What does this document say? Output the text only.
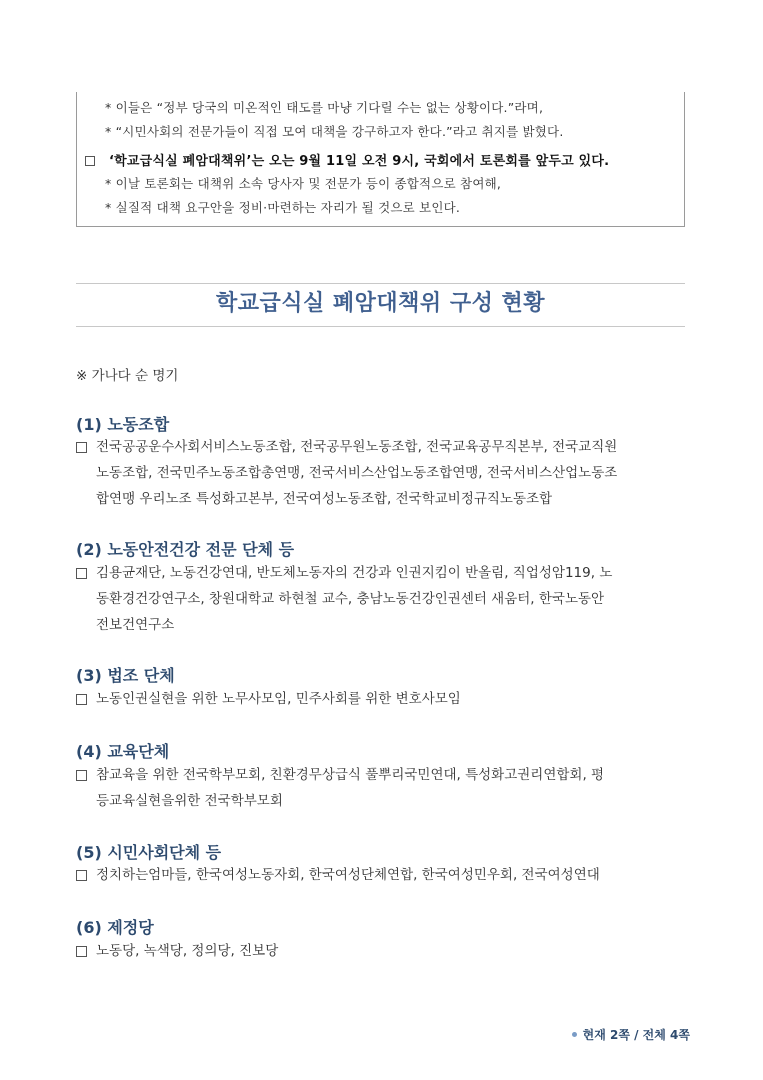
* 이들은 “정부 당국의 미온적인 태도를 마냥 기다릴 수는 없는 상황이다.”라며,
* “시민사회의 전문가들이 직접 모여 대책을 강구하고자 한다.”라고 취지를 밝혔다.
‘학교급식실 폐암대책위’는 오는 9월 11일 오전 9시, 국회에서 토론회를 앞두고 있다.
* 이날 토론회는 대책위 소속 당사자 및 전문가 등이 종합적으로 참여해,
* 실질적 대책 요구안을 정비·마련하는 자리가 될 것으로 보인다.
학교급식실 폐암대책위 구성 현황
※ 가나다 순 명기
(1) 노동조합
전국공공운수사회서비스노동조합, 전국공무원노동조합, 전국교육공무직본부, 전국교직원
노동조합, 전국민주노동조합총연맹, 전국서비스산업노동조합연맹, 전국서비스산업노동조
합연맹 우리노조 특성화고본부, 전국여성노동조합, 전국학교비정규직노동조합
(2) 노동안전건강 전문 단체 등
김용균재단, 노동건강연대, 반도체노동자의 건강과 인권지킴이 반올림, 직업성암119, 노
동환경건강연구소, 창원대학교 하현철 교수, 충남노동건강인권센터 새움터, 한국노동안
전보건연구소
(3) 법조 단체
노동인권실현을 위한 노무사모임, 민주사회를 위한 변호사모임
(4) 교육단체
참교육을 위한 전국학부모회, 친환경무상급식 풀뿌리국민연대, 특성화고권리연합회, 평
등교육실현을위한 전국학부모회
(5) 시민사회단체 등
정치하는엄마들, 한국여성노동자회, 한국여성단체연합, 한국여성민우회, 전국여성연대
(6) 제정당
노동당, 녹색당, 정의당, 진보당
현재 2쪽 / 전체 4쪽
